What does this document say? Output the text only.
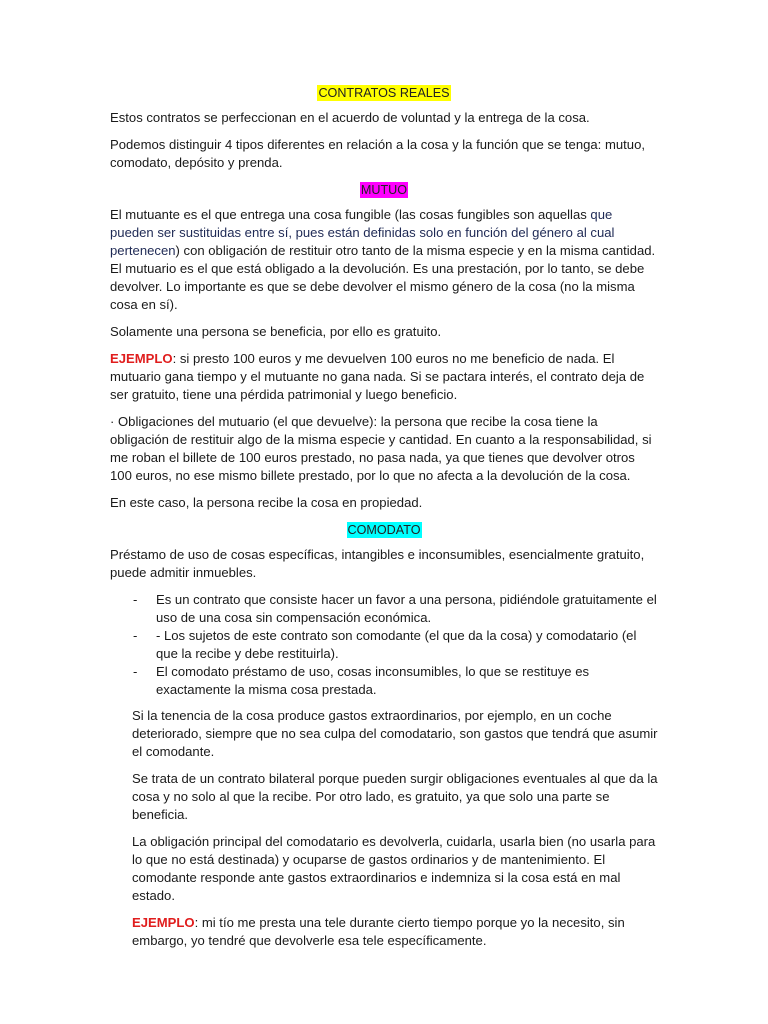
CONTRATOS REALES

Estos contratos se perfeccionan en el acuerdo de voluntad y la entrega de la cosa.

Podemos distinguir 4 tipos diferentes en relación a la cosa y la función que se tenga: mutuo, comodato, depósito y prenda.

MUTUO

El mutuante es el que entrega una cosa fungible (las cosas fungibles son aquellas que pueden ser sustituidas entre sí, pues están definidas solo en función del género al cual pertenecen) con obligación de restituir otro tanto de la misma especie y en la misma cantidad. El mutuario es el que está obligado a la devolución. Es una prestación, por lo tanto, se debe devolver. Lo importante es que se debe devolver el mismo género de la cosa (no la misma cosa en sí).

Solamente una persona se beneficia, por ello es gratuito.

EJEMPLO: si presto 100 euros y me devuelven 100 euros no me beneficio de nada. El mutuario gana tiempo y el mutuante no gana nada. Si se pactara interés, el contrato deja de ser gratuito, tiene una pérdida patrimonial y luego beneficio.

· Obligaciones del mutuario (el que devuelve): la persona que recibe la cosa tiene la obligación de restituir algo de la misma especie y cantidad. En cuanto a la responsabilidad, si me roban el billete de 100 euros prestado, no pasa nada, ya que tienes que devolver otros 100 euros, no ese mismo billete prestado, por lo que no afecta a la devolución de la cosa.

En este caso, la persona recibe la cosa en propiedad.

COMODATO

Préstamo de uso de cosas específicas, intangibles e inconsumibles, esencialmente gratuito, puede admitir inmuebles.

- Es un contrato que consiste hacer un favor a una persona, pidiéndole gratuitamente el uso de una cosa sin compensación económica.
- - Los sujetos de este contrato son comodante (el que da la cosa) y comodatario (el que la recibe y debe restituirla).
- El comodato préstamo de uso, cosas inconsumibles, lo que se restituye es exactamente la misma cosa prestada.

Si la tenencia de la cosa produce gastos extraordinarios, por ejemplo, en un coche deteriorado, siempre que no sea culpa del comodatario, son gastos que tendrá que asumir el comodante.

Se trata de un contrato bilateral porque pueden surgir obligaciones eventuales al que da la cosa y no solo al que la recibe. Por otro lado, es gratuito, ya que solo una parte se beneficia.

La obligación principal del comodatario es devolverla, cuidarla, usarla bien (no usarla para lo que no está destinada) y ocuparse de gastos ordinarios y de mantenimiento. El comodante responde ante gastos extraordinarios e indemniza si la cosa está en mal estado.

EJEMPLO: mi tío me presta una tele durante cierto tiempo porque yo la necesito, sin embargo, yo tendré que devolverle esa tele específicamente.
